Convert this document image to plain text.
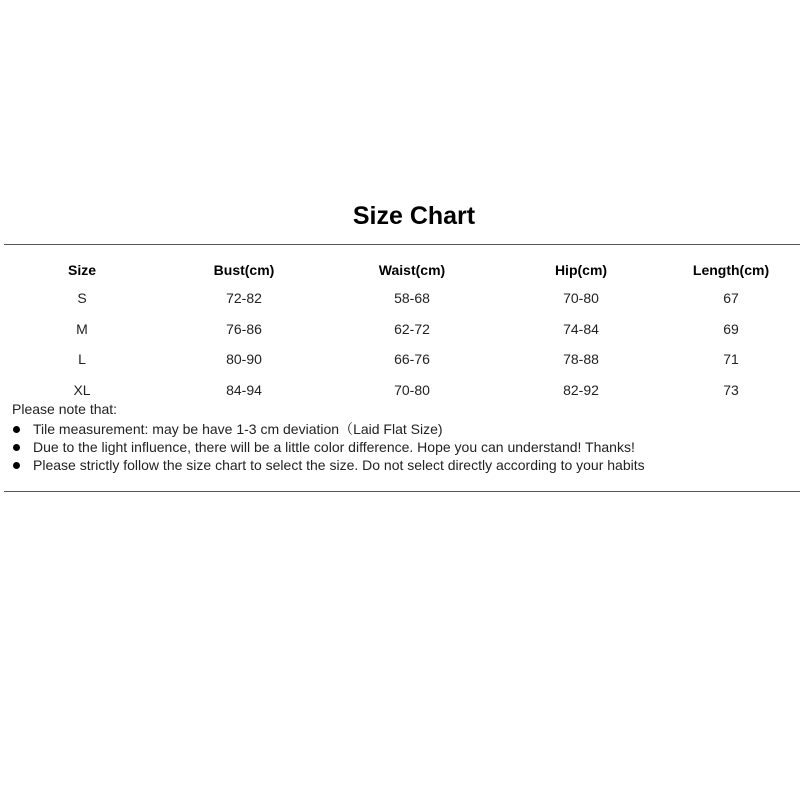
Size Chart
Size	Bust(cm)	Waist(cm)	Hip(cm)	Length(cm)
S	72-82	58-68	70-80	67
M	76-86	62-72	74-84	69
L	80-90	66-76	78-88	71
XL	84-94	70-80	82-92	73
Please note that:
Tile measurement: may be have 1-3 cm deviation（Laid Flat Size)
Due to the light influence, there will be a little color difference. Hope you can understand! Thanks!
Please strictly follow the size chart to select the size. Do not select directly according to your habits
